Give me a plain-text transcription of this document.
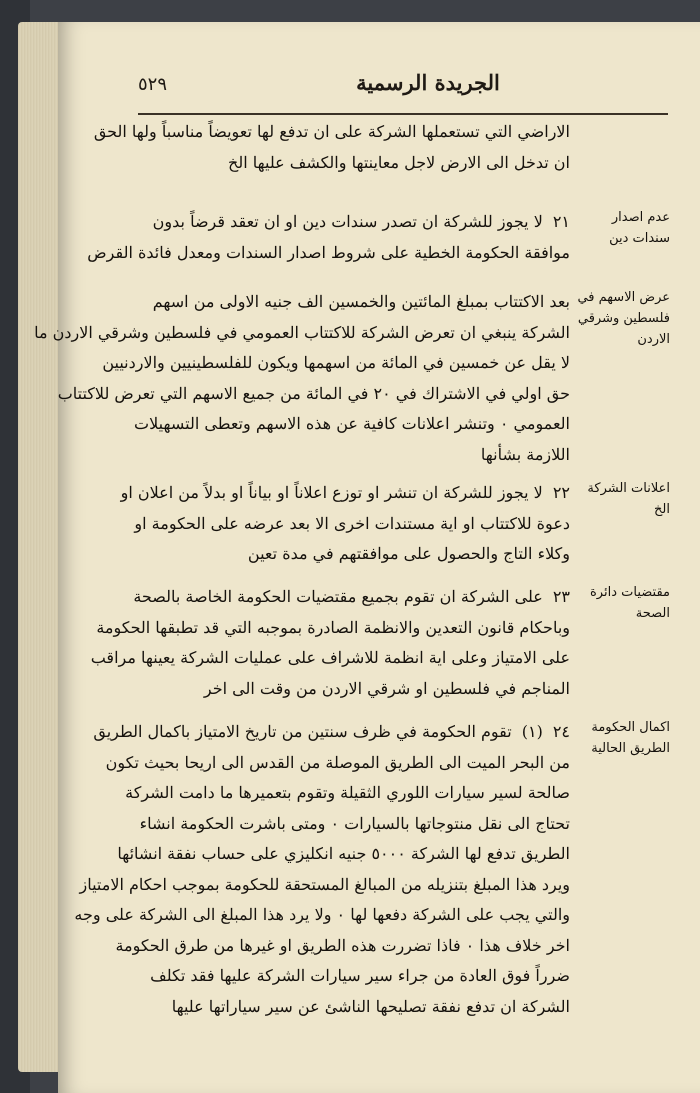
٥٢٩	الجريدة الرسمية
الاراضي التي تستعملها الشركة على ان تدفع لها تعويضاً مناسباً ولها الحق
ان تدخل الى الارض لاجل معاينتها والكشف عليها الخ
عدم اصدار سندات دين
٢١لا يجوز للشركة ان تصدر سندات دين او ان تعقد قرضاً بدون
موافقة الحكومة الخطية على شروط اصدار السندات ومعدل فائدة القرض
عرض الاسهم في فلسطين وشرقي الاردن
بعد الاكتتاب بمبلغ المائتين والخمسين الف جنيه الاولى من اسهم
الشركة ينبغي ان تعرض الشركة للاكتتاب العمومي في فلسطين وشرقي الاردن ما
لا يقل عن خمسين في المائة من اسهمها ويكون للفلسطينيين والاردنيين
حق اولي في الاشتراك في ٢٠ في المائة من جميع الاسهم التي تعرض للاكتتاب
العمومي ٠ وتنشر اعلانات كافية عن هذه الاسهم وتعطى التسهيلات
اللازمة بشأنها
اعلانات الشركة الخ
٢٢لا يجوز للشركة ان تنشر او توزع اعلاناً او بياناً او بدلاً من اعلان او
دعوة للاكتتاب او اية مستندات اخرى الا بعد عرضه على الحكومة او
وكلاء التاج والحصول على موافقتهم في مدة تعين
مقتضيات دائرة الصحة
٢٣على الشركة ان تقوم بجميع مقتضيات الحكومة الخاصة بالصحة
وباحكام قانون التعدين والانظمة الصادرة بموجبه التي قد تطبقها الحكومة
على الامتياز وعلى اية انظمة للاشراف على عمليات الشركة يعينها مراقب
المناجم في فلسطين او شرقي الاردن من وقت الى اخر
اكمال الحكومة الطريق الحالية
٢٤(١)تقوم الحكومة في ظرف سنتين من تاريخ الامتياز باكمال الطريق
من البحر الميت الى الطريق الموصلة من القدس الى اريحا بحيث تكون
صالحة لسير سيارات اللوري الثقيلة وتقوم بتعميرها ما دامت الشركة
تحتاج الى نقل منتوجاتها بالسيارات ٠ ومتى باشرت الحكومة انشاء
الطريق تدفع لها الشركة ٥٠٠٠ جنيه انكليزي على حساب نفقة انشائها
ويرد هذا المبلغ بتنزيله من المبالغ المستحقة للحكومة بموجب احكام الامتياز
والتي يجب على الشركة دفعها لها ٠ ولا يرد هذا المبلغ الى الشركة على وجه
اخر خلاف هذا ٠ فاذا تضررت هذه الطريق او غيرها من طرق الحكومة
ضرراً فوق العادة من جراء سير سيارات الشركة عليها فقد تكلف
الشركة ان تدفع نفقة تصليحها الناشئ عن سير سياراتها عليها
